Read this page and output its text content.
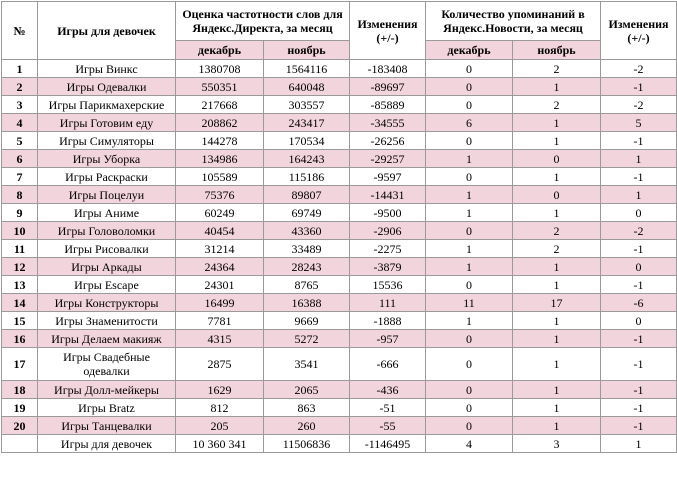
№	Игры для девочек	Оценка частотности слов для Яндекс.Директа, за месяц		Изменения (+/-)	Количество упоминаний в Яндекс.Новости, за месяц		Изменения (+/-)
		декабрь	ноябрь		декабрь	ноябрь	
1	Игры Винкс	1380708	1564116	-183408	0	2	-2
2	Игры Одевалки	550351	640048	-89697	0	1	-1
3	Игры Парикмахерские	217668	303557	-85889	0	2	-2
4	Игры Готовим еду	208862	243417	-34555	6	1	5
5	Игры Симуляторы	144278	170534	-26256	0	1	-1
6	Игры Уборка	134986	164243	-29257	1	0	1
7	Игры Раскраски	105589	115186	-9597	0	1	-1
8	Игры Поцелуи	75376	89807	-14431	1	0	1
9	Игры Аниме	60249	69749	-9500	1	1	0
10	Игры Головоломки	40454	43360	-2906	0	2	-2
11	Игры Рисовалки	31214	33489	-2275	1	2	-1
12	Игры Аркады	24364	28243	-3879	1	1	0
13	Игры Escape	24301	8765	15536	0	1	-1
14	Игры Конструкторы	16499	16388	111	11	17	-6
15	Игры Знаменитости	7781	9669	-1888	1	1	0
16	Игры Делаем макияж	4315	5272	-957	0	1	-1
17	Игры Свадебные одевалки	2875	3541	-666	0	1	-1
18	Игры Долл-мейкеры	1629	2065	-436	0	1	-1
19	Игры Bratz	812	863	-51	0	1	-1
20	Игры Танцевалки	205	260	-55	0	1	-1
	Игры для девочек	10 360 341	11506836	-1146495	4	3	1
